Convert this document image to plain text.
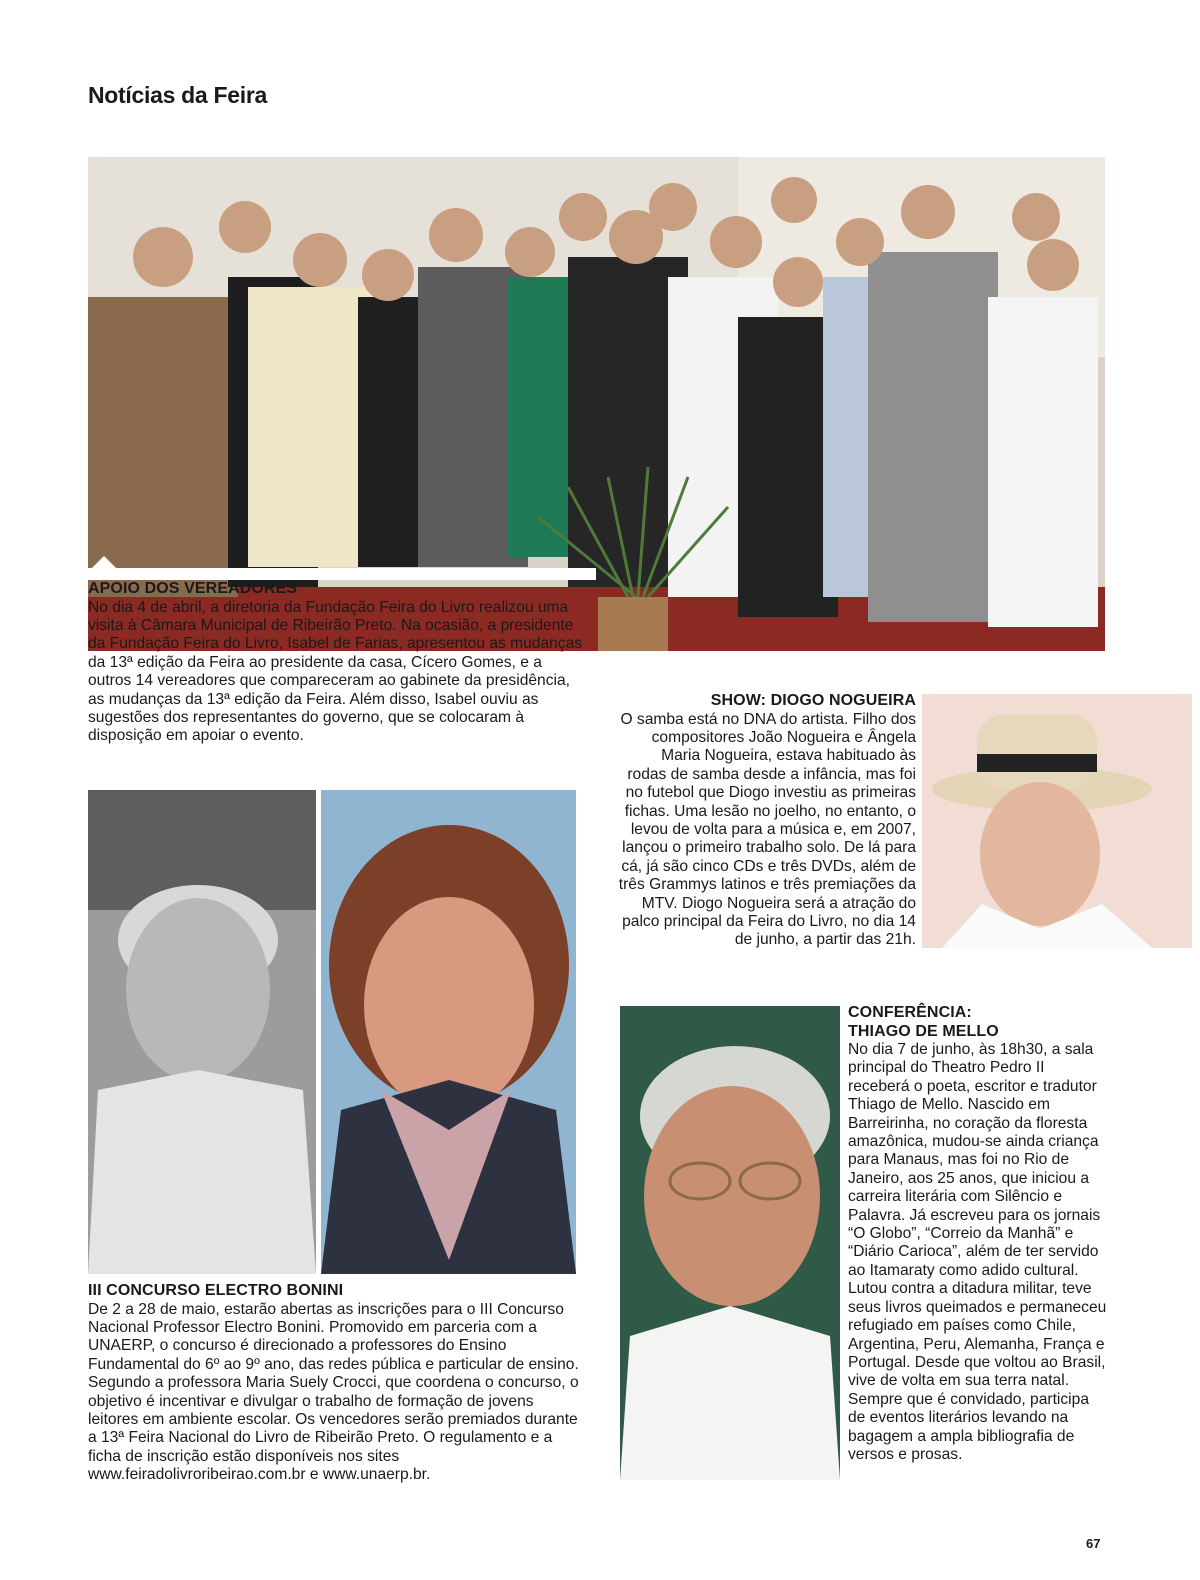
Notícias da Feira
APOIO DOS VEREADORES

No dia 4 de abril, a diretoria da Fundação Feira do Livro realizou uma visita à Câmara Municipal de Ribeirão Preto. Na ocasião, a presidente da Fundação Feira do Livro, Isabel de Farias, apresentou as mudanças da 13ª edição da Feira ao presidente da casa, Cícero Gomes, e a outros 14 vereadores que compareceram ao gabinete da presidência, as mudanças da 13ª edição da Feira. Além disso, Isabel ouviu as sugestões dos representantes do governo, que se colocaram à disposição em apoiar o evento.

SHOW: DIOGO NOGUEIRA

O samba está no DNA do artista. Filho dos compositores João Nogueira e Ângela Maria Nogueira, estava habituado às rodas de samba desde a infância, mas foi no futebol que Diogo investiu as primeiras fichas. Uma lesão no joelho, no entanto, o levou de volta para a música e, em 2007, lançou o primeiro trabalho solo. De lá para cá, já são cinco CDs e três DVDs, além de três Grammys latinos e três premiações da MTV. Diogo Nogueira será a atração do palco principal da Feira do Livro, no dia 14 de junho, a partir das 21h.

III CONCURSO ELECTRO BONINI

De 2 a 28 de maio, estarão abertas as inscrições para o III Concurso Nacional Professor Electro Bonini. Promovido em parceria com a UNAERP, o concurso é direcionado a professores do Ensino Fundamental do 6º ao 9º ano, das redes pública e particular de ensino. Segundo a professora Maria Suely Crocci, que coordena o concurso, o objetivo é incentivar e divulgar o trabalho de formação de jovens leitores em ambiente escolar. Os vencedores serão premiados durante a 13ª Feira Nacional do Livro de Ribeirão Preto. O regulamento e a ficha de inscrição estão disponíveis nos sites www.feiradolivroribeirao.com.br e www.unaerp.br.

CONFERÊNCIA:
THIAGO DE MELLO

No dia 7 de junho, às 18h30, a sala principal do Theatro Pedro II receberá o poeta, escritor e tradutor Thiago de Mello. Nascido em Barreirinha, no coração da floresta amazônica, mudou-se ainda criança para Manaus, mas foi no Rio de Janeiro, aos 25 anos, que iniciou a carreira literária com Silêncio e Palavra. Já escreveu para os jornais “O Globo”, “Correio da Manhã” e “Diário Carioca”, além de ter servido ao Itamaraty como adido cultural. Lutou contra a ditadura militar, teve seus livros queimados e permaneceu refugiado em países como Chile, Argentina, Peru, Alemanha, França e Portugal. Desde que voltou ao Brasil, vive de volta em sua terra natal. Sempre que é convidado, participa de eventos literários levando na bagagem a ampla bibliografia de versos e prosas.

67
